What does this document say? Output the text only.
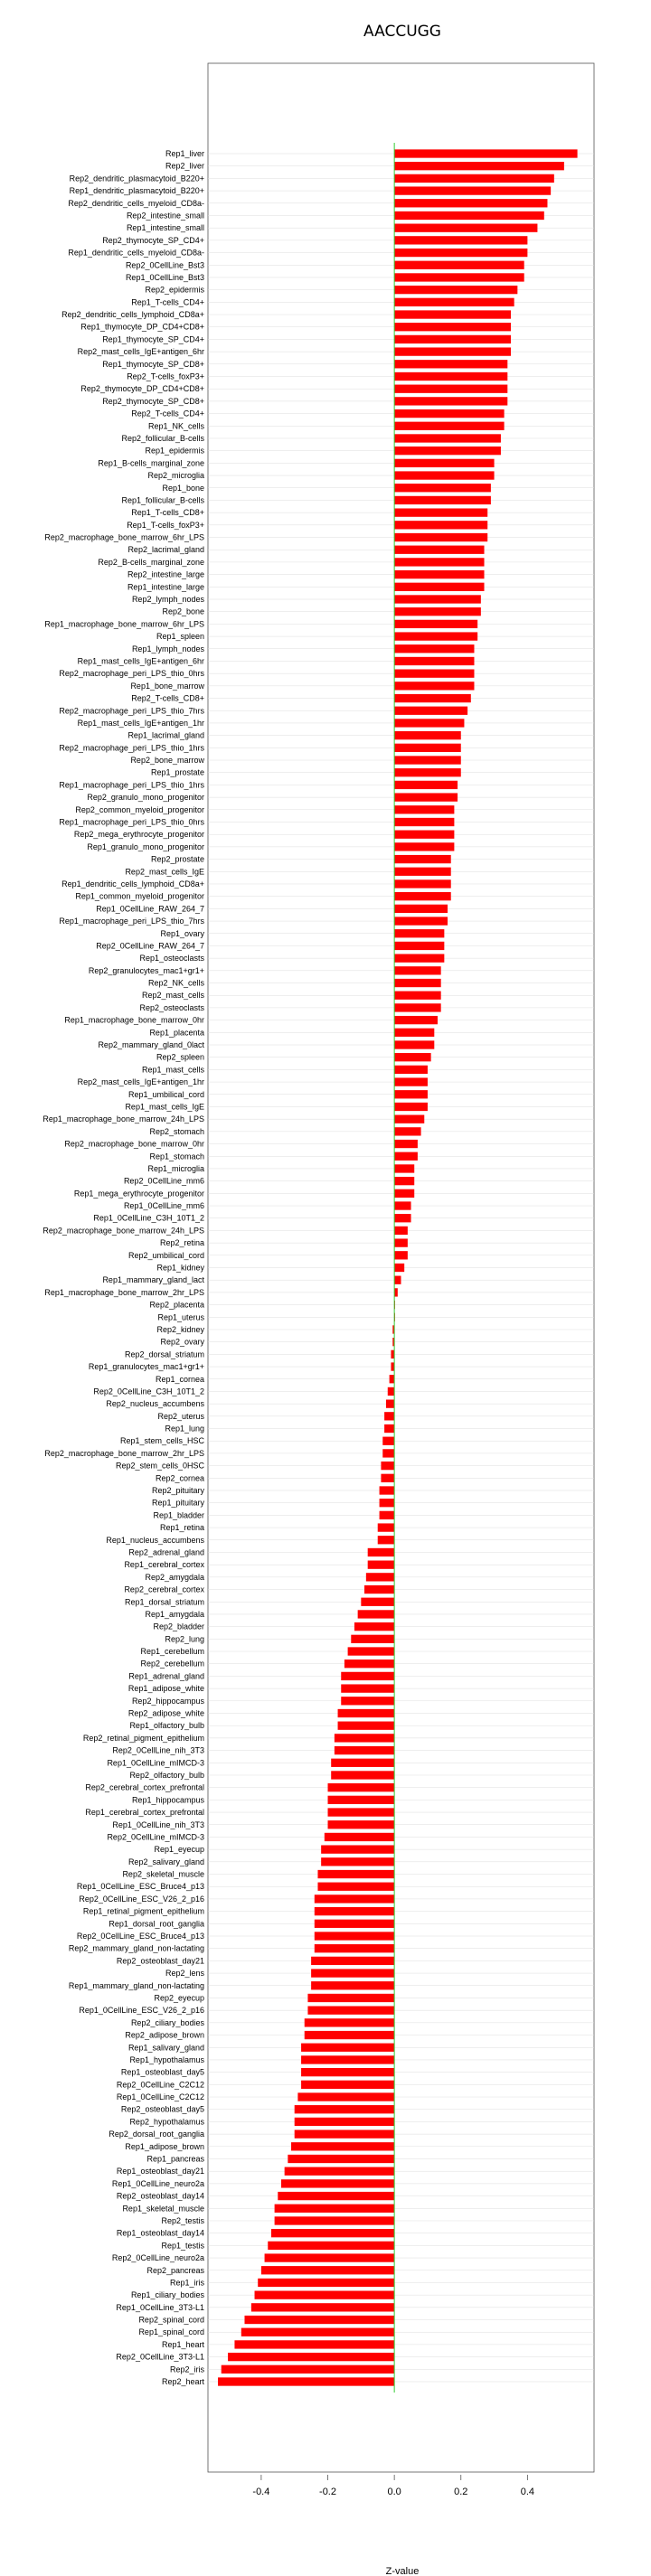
AACCUGG
Rep1_liver
Rep2_liver
Rep2_dendritic_plasmacytoid_B220+
Rep1_dendritic_plasmacytoid_B220+
Rep2_dendritic_cells_myeloid_CD8a-
Rep2_intestine_small
Rep1_intestine_small
Rep2_thymocyte_SP_CD4+
Rep1_dendritic_cells_myeloid_CD8a-
Rep2_0CellLine_Bst3
Rep1_0CellLine_Bst3
Rep2_epidermis
Rep1_T-cells_CD4+
Rep2_dendritic_cells_lymphoid_CD8a+
Rep1_thymocyte_DP_CD4+CD8+
Rep1_thymocyte_SP_CD4+
Rep2_mast_cells_IgE+antigen_6hr
Rep1_thymocyte_SP_CD8+
Rep2_T-cells_foxP3+
Rep2_thymocyte_DP_CD4+CD8+
Rep2_thymocyte_SP_CD8+
Rep2_T-cells_CD4+
Rep1_NK_cells
Rep2_follicular_B-cells
Rep1_epidermis
Rep1_B-cells_marginal_zone
Rep2_microglia
Rep1_bone
Rep1_follicular_B-cells
Rep1_T-cells_CD8+
Rep1_T-cells_foxP3+
Rep2_macrophage_bone_marrow_6hr_LPS
Rep2_lacrimal_gland
Rep2_B-cells_marginal_zone
Rep2_intestine_large
Rep1_intestine_large
Rep2_lymph_nodes
Rep2_bone
Rep1_macrophage_bone_marrow_6hr_LPS
Rep1_spleen
Rep1_lymph_nodes
Rep1_mast_cells_IgE+antigen_6hr
Rep2_macrophage_peri_LPS_thio_0hrs
Rep1_bone_marrow
Rep2_T-cells_CD8+
Rep2_macrophage_peri_LPS_thio_7hrs
Rep1_mast_cells_IgE+antigen_1hr
Rep1_lacrimal_gland
Rep2_macrophage_peri_LPS_thio_1hrs
Rep2_bone_marrow
Rep1_prostate
Rep1_macrophage_peri_LPS_thio_1hrs
Rep2_granulo_mono_progenitor
Rep2_common_myeloid_progenitor
Rep1_macrophage_peri_LPS_thio_0hrs
Rep2_mega_erythrocyte_progenitor
Rep1_granulo_mono_progenitor
Rep2_prostate
Rep2_mast_cells_IgE
Rep1_dendritic_cells_lymphoid_CD8a+
Rep1_common_myeloid_progenitor
Rep1_0CellLine_RAW_264_7
Rep1_macrophage_peri_LPS_thio_7hrs
Rep1_ovary
Rep2_0CellLine_RAW_264_7
Rep1_osteoclasts
Rep2_granulocytes_mac1+gr1+
Rep2_NK_cells
Rep2_mast_cells
Rep2_osteoclasts
Rep1_macrophage_bone_marrow_0hr
Rep1_placenta
Rep2_mammary_gland_0lact
Rep2_spleen
Rep1_mast_cells
Rep2_mast_cells_IgE+antigen_1hr
Rep1_umbilical_cord
Rep1_mast_cells_IgE
Rep1_macrophage_bone_marrow_24h_LPS
Rep2_stomach
Rep2_macrophage_bone_marrow_0hr
Rep1_stomach
Rep1_microglia
Rep2_0CellLine_mm6
Rep1_mega_erythrocyte_progenitor
Rep1_0CellLine_mm6
Rep1_0CellLine_C3H_10T1_2
Rep2_macrophage_bone_marrow_24h_LPS
Rep2_retina
Rep2_umbilical_cord
Rep1_kidney
Rep1_mammary_gland_lact
Rep1_macrophage_bone_marrow_2hr_LPS
Rep2_placenta
Rep1_uterus
Rep2_kidney
Rep2_ovary
Rep2_dorsal_striatum
Rep1_granulocytes_mac1+gr1+
Rep1_cornea
Rep2_0CellLine_C3H_10T1_2
Rep2_nucleus_accumbens
Rep2_uterus
Rep1_lung
Rep1_stem_cells_HSC
Rep2_macrophage_bone_marrow_2hr_LPS
Rep2_stem_cells_0HSC
Rep2_cornea
Rep2_pituitary
Rep1_pituitary
Rep1_bladder
Rep1_retina
Rep1_nucleus_accumbens
Rep2_adrenal_gland
Rep1_cerebral_cortex
Rep2_amygdala
Rep2_cerebral_cortex
Rep1_dorsal_striatum
Rep1_amygdala
Rep2_bladder
Rep2_lung
Rep1_cerebellum
Rep2_cerebellum
Rep1_adrenal_gland
Rep1_adipose_white
Rep2_hippocampus
Rep2_adipose_white
Rep1_olfactory_bulb
Rep2_retinal_pigment_epithelium
Rep2_0CellLine_nih_3T3
Rep1_0CellLine_mIMCD-3
Rep2_olfactory_bulb
Rep2_cerebral_cortex_prefrontal
Rep1_hippocampus
Rep1_cerebral_cortex_prefrontal
Rep1_0CellLine_nih_3T3
Rep2_0CellLine_mIMCD-3
Rep1_eyecup
Rep2_salivary_gland
Rep2_skeletal_muscle
Rep1_0CellLine_ESC_Bruce4_p13
Rep2_0CellLine_ESC_V26_2_p16
Rep1_retinal_pigment_epithelium
Rep1_dorsal_root_ganglia
Rep2_0CellLine_ESC_Bruce4_p13
Rep2_mammary_gland_non-lactating
Rep2_osteoblast_day21
Rep2_lens
Rep1_mammary_gland_non-lactating
Rep2_eyecup
Rep1_0CellLine_ESC_V26_2_p16
Rep2_ciliary_bodies
Rep2_adipose_brown
Rep1_salivary_gland
Rep1_hypothalamus
Rep1_osteoblast_day5
Rep2_0CellLine_C2C12
Rep1_0CellLine_C2C12
Rep2_osteoblast_day5
Rep2_hypothalamus
Rep2_dorsal_root_ganglia
Rep1_adipose_brown
Rep1_pancreas
Rep1_osteoblast_day21
Rep1_0CellLine_neuro2a
Rep2_osteoblast_day14
Rep1_skeletal_muscle
Rep2_testis
Rep1_osteoblast_day14
Rep1_testis
Rep2_0CellLine_neuro2a
Rep2_pancreas
Rep1_iris
Rep1_ciliary_bodies
Rep1_0CellLine_3T3-L1
Rep2_spinal_cord
Rep1_spinal_cord
Rep1_heart
Rep2_0CellLine_3T3-L1
Rep2_iris
Rep2_heart
-0.4	-0.2	0.0	0.2	0.4
Z-value
